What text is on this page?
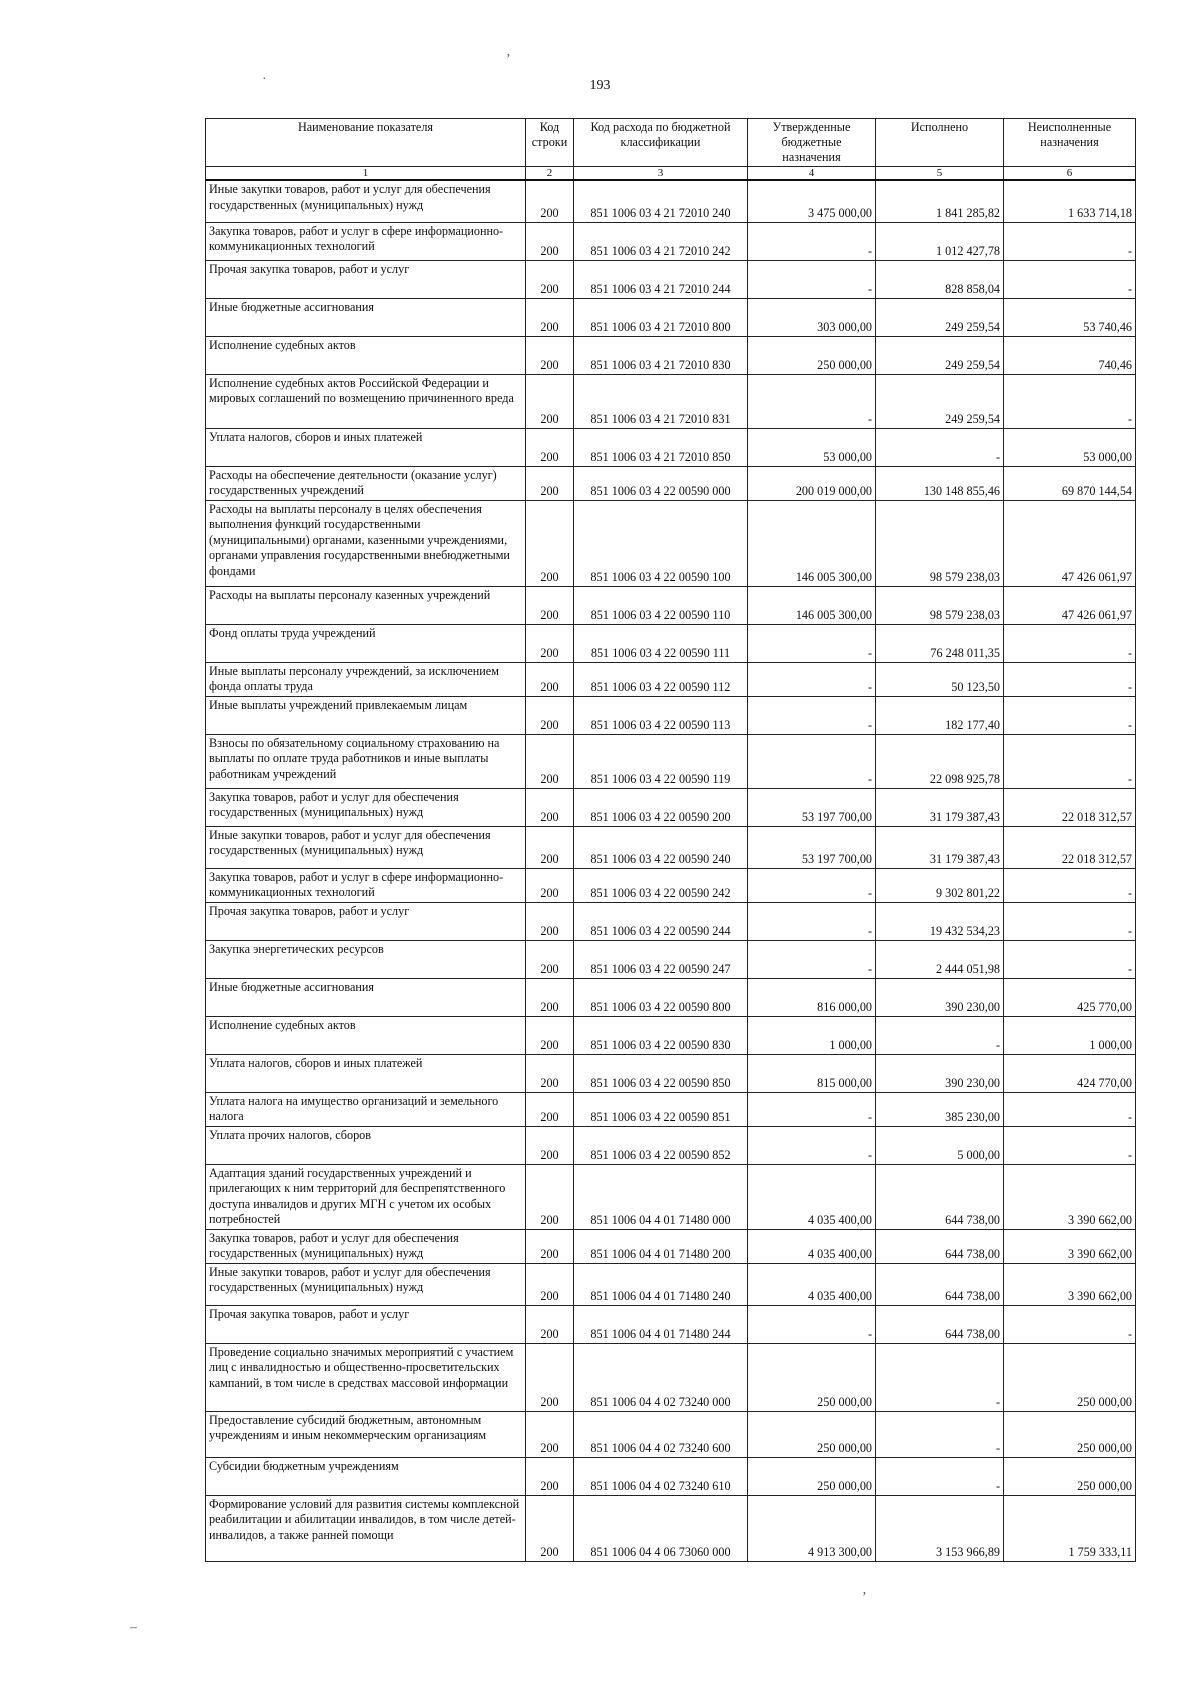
193
·
ʼ
ʼ
–
Наименование показателя	Код строки	Код расхода по бюджетной классификации	Утвержденные бюджетные назначения	Исполнено	Неисполненные назначения
1	2	3	4	5	6
Иные закупки товаров, работ и услуг для обеспечения государственных (муниципальных) нужд	200	851 1006 03 4 21 72010 240	3 475 000,00	1 841 285,82	1 633 714,18
Закупка товаров, работ и услуг в сфере информационно-коммуникационных технологий	200	851 1006 03 4 21 72010 242	-	1 012 427,78	-
Прочая закупка товаров, работ и услуг	200	851 1006 03 4 21 72010 244	-	828 858,04	-
Иные бюджетные ассигнования	200	851 1006 03 4 21 72010 800	303 000,00	249 259,54	53 740,46
Исполнение судебных актов	200	851 1006 03 4 21 72010 830	250 000,00	249 259,54	740,46
Исполнение судебных актов Российской Федерации и мировых соглашений по возмещению причиненного вреда	200	851 1006 03 4 21 72010 831	-	249 259,54	-
Уплата налогов, сборов и иных платежей	200	851 1006 03 4 21 72010 850	53 000,00	-	53 000,00
Расходы на обеспечение деятельности (оказание услуг) государственных учреждений	200	851 1006 03 4 22 00590 000	200 019 000,00	130 148 855,46	69 870 144,54
Расходы на выплаты персоналу в целях обеспечения выполнения функций государственными (муниципальными) органами, казенными учреждениями, органами управления государственными внебюджетными фондами	200	851 1006 03 4 22 00590 100	146 005 300,00	98 579 238,03	47 426 061,97
Расходы на выплаты персоналу казенных учреждений	200	851 1006 03 4 22 00590 110	146 005 300,00	98 579 238,03	47 426 061,97
Фонд оплаты труда учреждений	200	851 1006 03 4 22 00590 111	-	76 248 011,35	-
Иные выплаты персоналу учреждений, за исключением фонда оплаты труда	200	851 1006 03 4 22 00590 112	-	50 123,50	-
Иные выплаты учреждений привлекаемым лицам	200	851 1006 03 4 22 00590 113	-	182 177,40	-
Взносы по обязательному социальному страхованию на выплаты по оплате труда работников и иные выплаты работникам учреждений	200	851 1006 03 4 22 00590 119	-	22 098 925,78	-
Закупка товаров, работ и услуг для обеспечения государственных (муниципальных) нужд	200	851 1006 03 4 22 00590 200	53 197 700,00	31 179 387,43	22 018 312,57
Иные закупки товаров, работ и услуг для обеспечения государственных (муниципальных) нужд	200	851 1006 03 4 22 00590 240	53 197 700,00	31 179 387,43	22 018 312,57
Закупка товаров, работ и услуг в сфере информационно-коммуникационных технологий	200	851 1006 03 4 22 00590 242	-	9 302 801,22	-
Прочая закупка товаров, работ и услуг	200	851 1006 03 4 22 00590 244	-	19 432 534,23	-
Закупка энергетических ресурсов	200	851 1006 03 4 22 00590 247	-	2 444 051,98	-
Иные бюджетные ассигнования	200	851 1006 03 4 22 00590 800	816 000,00	390 230,00	425 770,00
Исполнение судебных актов	200	851 1006 03 4 22 00590 830	1 000,00	-	1 000,00
Уплата налогов, сборов и иных платежей	200	851 1006 03 4 22 00590 850	815 000,00	390 230,00	424 770,00
Уплата налога на имущество организаций и земельного налога	200	851 1006 03 4 22 00590 851	-	385 230,00	-
Уплата прочих налогов, сборов	200	851 1006 03 4 22 00590 852	-	5 000,00	-
Адаптация зданий государственных учреждений и прилегающих к ним территорий для беспрепятственного доступа инвалидов и других МГН с учетом их особых потребностей	200	851 1006 04 4 01 71480 000	4 035 400,00	644 738,00	3 390 662,00
Закупка товаров, работ и услуг для обеспечения государственных (муниципальных) нужд	200	851 1006 04 4 01 71480 200	4 035 400,00	644 738,00	3 390 662,00
Иные закупки товаров, работ и услуг для обеспечения государственных (муниципальных) нужд	200	851 1006 04 4 01 71480 240	4 035 400,00	644 738,00	3 390 662,00
Прочая закупка товаров, работ и услуг	200	851 1006 04 4 01 71480 244	-	644 738,00	-
Проведение социально значимых мероприятий с участием лиц с инвалидностью и общественно-просветительских кампаний, в том числе в средствах массовой информации	200	851 1006 04 4 02 73240 000	250 000,00	-	250 000,00
Предоставление субсидий бюджетным, автономным учреждениям и иным некоммерческим организациям	200	851 1006 04 4 02 73240 600	250 000,00	-	250 000,00
Субсидии бюджетным учреждениям	200	851 1006 04 4 02 73240 610	250 000,00	-	250 000,00
Формирование условий для развития системы комплексной реабилитации и абилитации инвалидов, в том числе детей-инвалидов, а также ранней помощи	200	851 1006 04 4 06 73060 000	4 913 300,00	3 153 966,89	1 759 333,11
